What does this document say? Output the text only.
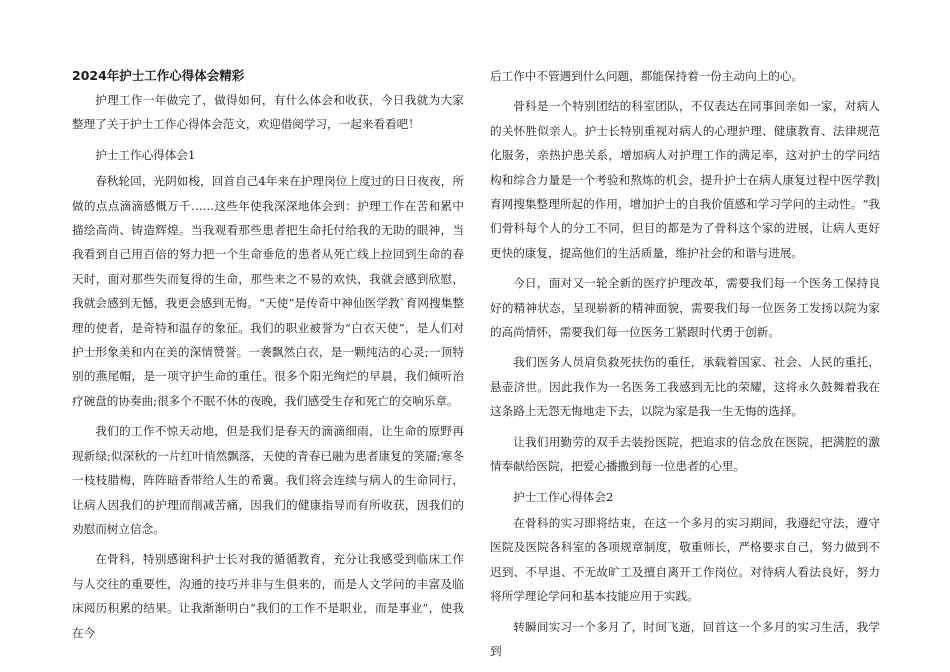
2024年护士工作心得体会精彩

护理工作一年做完了，做得如何，有什么体会和收获，今日我就为大家整理了关于护士工作心得体会范文，欢迎借阅学习，一起来看看吧！

护士工作心得体会1

春秋轮回，光阴如梭，回首自己4年来在护理岗位上度过的日日夜夜，所做的点点滴滴感慨万千……这些年使我深深地体会到：护理工作在苦和累中描绘高尚、铸造辉煌。当我观看那些患者把生命托付给我的无助的眼神，当我看到自己用百倍的努力把一个生命垂危的患者从死亡线上拉回到生命的春天时，面对那些失而复得的生命，那些来之不易的欢快，我就会感到欣慰，我就会感到无憾，我更会感到无悔。“天使”是传奇中神仙医学教`育网搜集整理的使者，是奇特和温存的象征。我们的职业被誉为“白衣天使”，是人们对护士形象美和内在美的深情赞誉。一袭飘然白衣，是一颗纯洁的心灵;一顶特别的燕尾帽，是一项守护生命的重任。很多个阳光绚烂的早晨，我们倾听治疗碗盘的协奏曲;很多个不眠不休的夜晚，我们感受生存和死亡的交响乐章。

我们的工作不惊天动地，但是我们是春天的滴滴细雨，让生命的原野再现新绿;似深秋的一片红叶悄然飘落，天使的青春已融为患者康复的笑靥;寒冬一枝枝腊梅，阵阵暗香带给人生的希冀。我们将会连续与病人的生命同行，让病人因我们的护理而削减苦痛，因我们的健康指导而有所收获，因我们的劝慰而树立信念。

在骨科，特别感谢科护士长对我的循循教育，充分让我感受到临床工作与人交往的重要性，沟通的技巧并非与生俱来的，而是人文学问的丰富及临床阅历积累的结果。让我渐渐明白“我们的工作不是职业，而是事业”，使我在今

后工作中不管遇到什么问题，都能保持着一份主动向上的心。

骨科是一个特别团结的科室团队，不仅表达在同事间亲如一家，对病人的关怀胜似亲人。护士长特别重视对病人的心理护理、健康教育、法律规范化服务，亲热护患关系，增加病人对护理工作的满足率，这对护士的学问结构和综合力量是一个考验和熬炼的机会，提升护士在病人康复过程中医学教|育网搜集整理所起的作用，增加护士的自我价值感和学习学问的主动性。“我们骨科每个人的分工不同，但目的都是为了骨科这个家的进展，让病人更好更快的康复，提高他们的生活质量，维护社会的和谐与进展。

今日，面对又一轮全新的医疗护理改革，需要我们每一个医务工保持良好的精神状态，呈现崭新的精神面貌，需要我们每一位医务工发扬以院为家的高尚情怀，需要我们每一位医务工紧跟时代勇于创新。

我们医务人员肩负救死扶伤的重任，承载着国家、社会、人民的重托，悬壶济世。因此我作为一名医务工我感到无比的荣耀，这将永久鼓舞着我在这条路上无怨无悔地走下去，以院为家是我一生无悔的选择。

让我们用勤劳的双手去装扮医院，把追求的信念放在医院，把满腔的激情奉献给医院，把爱心播撒到每一位患者的心里。

护士工作心得体会2

在骨科的实习即将结束，在这一个多月的实习期间，我遵纪守法，遵守医院及医院各科室的各项规章制度，敬重师长，严格要求自己，努力做到不迟到、不早退、不无故旷工及擅自离开工作岗位。对待病人看法良好，努力将所学理论学问和基本技能应用于实践。

转瞬间实习一个多月了，时间飞逝，回首这一个多月的实习生活，我学到
